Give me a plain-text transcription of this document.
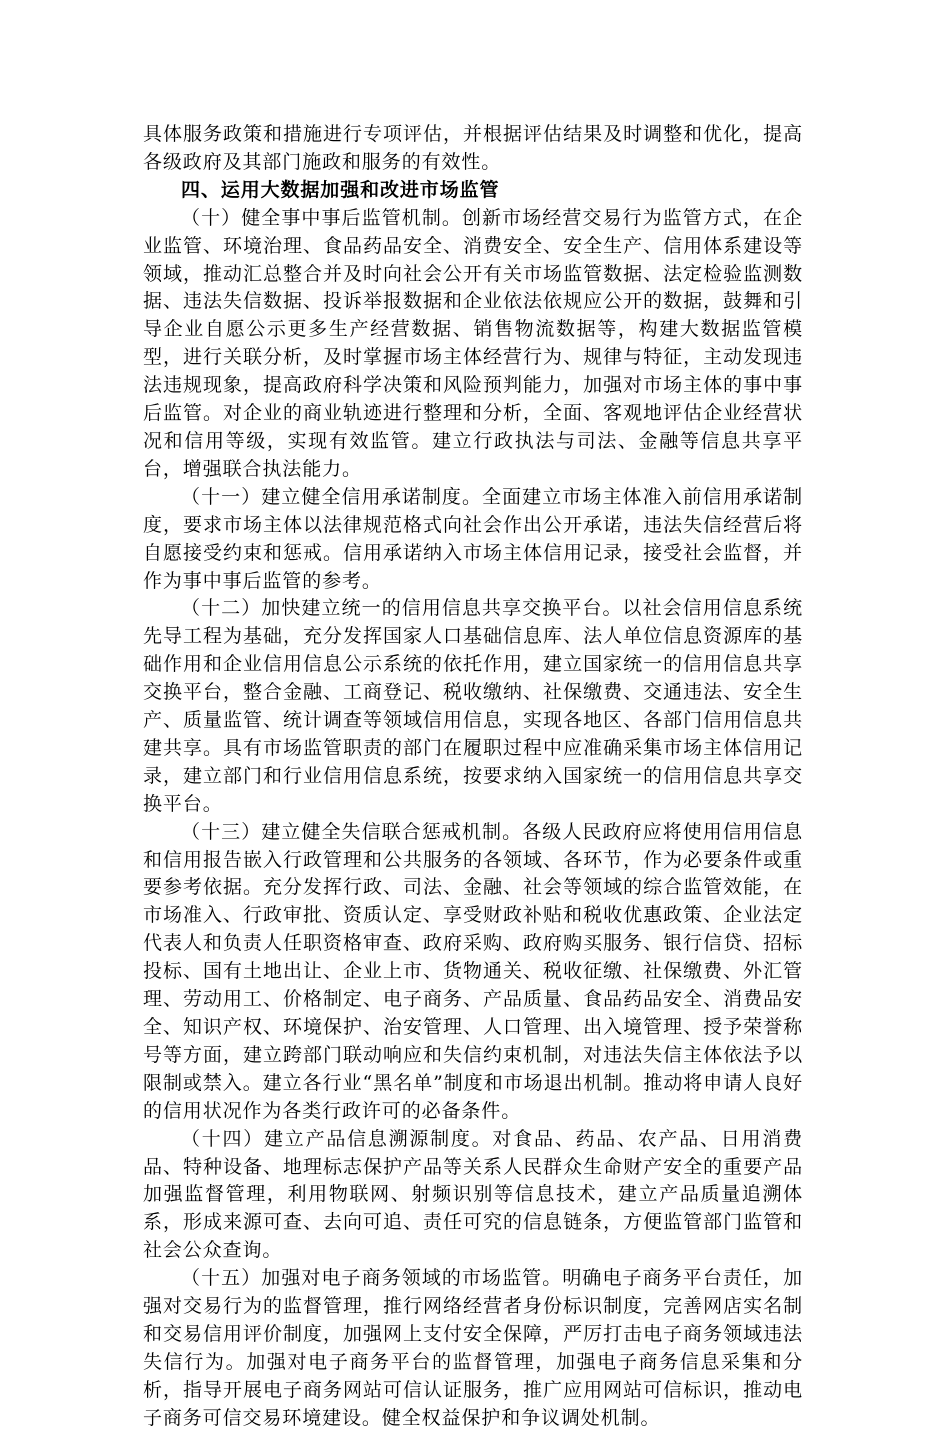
具体服务政策和措施进行专项评估，并根据评估结果及时调整和优化，提高各级政府及其部门施政和服务的有效性。

四、运用大数据加强和改进市场监管

（十）健全事中事后监管机制。创新市场经营交易行为监管方式，在企业监管、环境治理、食品药品安全、消费安全、安全生产、信用体系建设等领域，推动汇总整合并及时向社会公开有关市场监管数据、法定检验监测数据、违法失信数据、投诉举报数据和企业依法依规应公开的数据，鼓舞和引导企业自愿公示更多生产经营数据、销售物流数据等，构建大数据监管模型，进行关联分析，及时掌握市场主体经营行为、规律与特征，主动发现违法违规现象，提高政府科学决策和风险预判能力，加强对市场主体的事中事后监管。对企业的商业轨迹进行整理和分析，全面、客观地评估企业经营状况和信用等级，实现有效监管。建立行政执法与司法、金融等信息共享平台，增强联合执法能力。

（十一）建立健全信用承诺制度。全面建立市场主体准入前信用承诺制度，要求市场主体以法律规范格式向社会作出公开承诺，违法失信经营后将自愿接受约束和惩戒。信用承诺纳入市场主体信用记录，接受社会监督，并作为事中事后监管的参考。

（十二）加快建立统一的信用信息共享交换平台。以社会信用信息系统先导工程为基础，充分发挥国家人口基础信息库、法人单位信息资源库的基础作用和企业信用信息公示系统的依托作用，建立国家统一的信用信息共享交换平台，整合金融、工商登记、税收缴纳、社保缴费、交通违法、安全生产、质量监管、统计调查等领域信用信息，实现各地区、各部门信用信息共建共享。具有市场监管职责的部门在履职过程中应准确采集市场主体信用记录，建立部门和行业信用信息系统，按要求纳入国家统一的信用信息共享交换平台。

（十三）建立健全失信联合惩戒机制。各级人民政府应将使用信用信息和信用报告嵌入行政管理和公共服务的各领域、各环节，作为必要条件或重要参考依据。充分发挥行政、司法、金融、社会等领域的综合监管效能，在市场准入、行政审批、资质认定、享受财政补贴和税收优惠政策、企业法定代表人和负责人任职资格审查、政府采购、政府购买服务、银行信贷、招标投标、国有土地出让、企业上市、货物通关、税收征缴、社保缴费、外汇管理、劳动用工、价格制定、电子商务、产品质量、食品药品安全、消费品安全、知识产权、环境保护、治安管理、人口管理、出入境管理、授予荣誉称号等方面，建立跨部门联动响应和失信约束机制，对违法失信主体依法予以限制或禁入。建立各行业“黑名单”制度和市场退出机制。推动将申请人良好的信用状况作为各类行政许可的必备条件。

（十四）建立产品信息溯源制度。对食品、药品、农产品、日用消费品、特种设备、地理标志保护产品等关系人民群众生命财产安全的重要产品加强监督管理，利用物联网、射频识别等信息技术，建立产品质量追溯体系，形成来源可查、去向可追、责任可究的信息链条，方便监管部门监管和社会公众查询。

（十五）加强对电子商务领域的市场监管。明确电子商务平台责任，加强对交易行为的监督管理，推行网络经营者身份标识制度，完善网店实名制和交易信用评价制度，加强网上支付安全保障，严厉打击电子商务领域违法失信行为。加强对电子商务平台的监督管理，加强电子商务信息采集和分析，指导开展电子商务网站可信认证服务，推广应用网站可信标识，推动电子商务可信交易环境建设。健全权益保护和争议调处机制。
